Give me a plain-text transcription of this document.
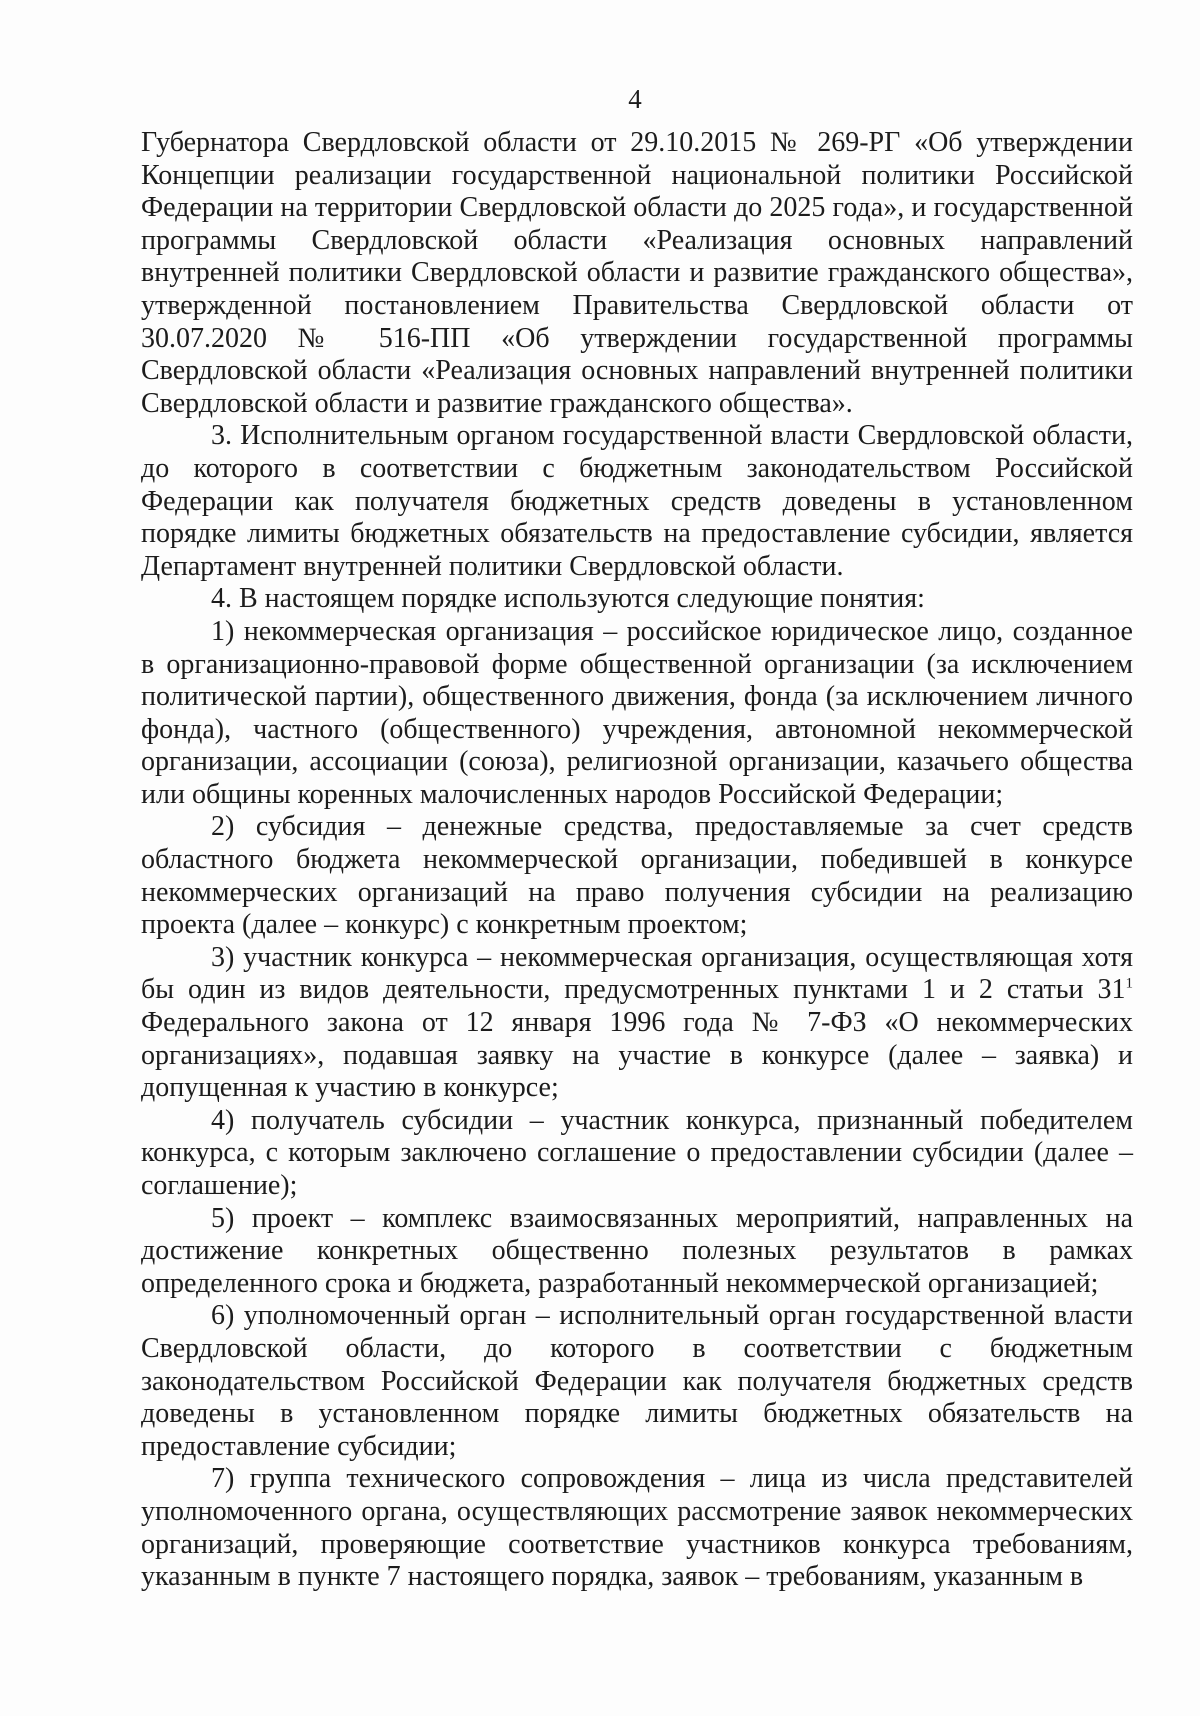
4

Губернатора Свердловской области от 29.10.2015 № 269-РГ «Об утверждении Концепции реализации государственной национальной политики Российской Федерации на территории Свердловской области до 2025 года», и государственной программы Свердловской области «Реализация основных направлений внутренней политики Свердловской области и развитие гражданского общества», утвержденной постановлением Правительства Свердловской области от 30.07.2020 № 516-ПП «Об утверждении государственной программы Свердловской области «Реализация основных направлений внутренней политики Свердловской области и развитие гражданского общества».

3. Исполнительным органом государственной власти Свердловской области, до которого в соответствии с бюджетным законодательством Российской Федерации как получателя бюджетных средств доведены в установленном порядке лимиты бюджетных обязательств на предоставление субсидии, является Департамент внутренней политики Свердловской области.

4. В настоящем порядке используются следующие понятия:

1) некоммерческая организация – российское юридическое лицо, созданное в организационно-правовой форме общественной организации (за исключением политической партии), общественного движения, фонда (за исключением личного фонда), частного (общественного) учреждения, автономной некоммерческой организации, ассоциации (союза), религиозной организации, казачьего общества или общины коренных малочисленных народов Российской Федерации;

2) субсидия – денежные средства, предоставляемые за счет средств областного бюджета некоммерческой организации, победившей в конкурсе некоммерческих организаций на право получения субсидии на реализацию проекта (далее – конкурс) с конкретным проектом;

3) участник конкурса – некоммерческая организация, осуществляющая хотя бы один из видов деятельности, предусмотренных пунктами 1 и 2 статьи $31^1$ Федерального закона от 12 января 1996 года № 7-ФЗ «О некоммерческих организациях», подавшая заявку на участие в конкурсе (далее – заявка) и допущенная к участию в конкурсе;

4) получатель субсидии – участник конкурса, признанный победителем конкурса, с которым заключено соглашение о предоставлении субсидии (далее – соглашение);

5) проект – комплекс взаимосвязанных мероприятий, направленных на достижение конкретных общественно полезных результатов в рамках определенного срока и бюджета, разработанный некоммерческой организацией;

6) уполномоченный орган – исполнительный орган государственной власти Свердловской области, до которого в соответствии с бюджетным законодательством Российской Федерации как получателя бюджетных средств доведены в установленном порядке лимиты бюджетных обязательств на предоставление субсидии;

7) группа технического сопровождения – лица из числа представителей уполномоченного органа, осуществляющих рассмотрение заявок некоммерческих организаций, проверяющие соответствие участников конкурса требованиям, указанным в пункте 7 настоящего порядка, заявок – требованиям, указанным в
